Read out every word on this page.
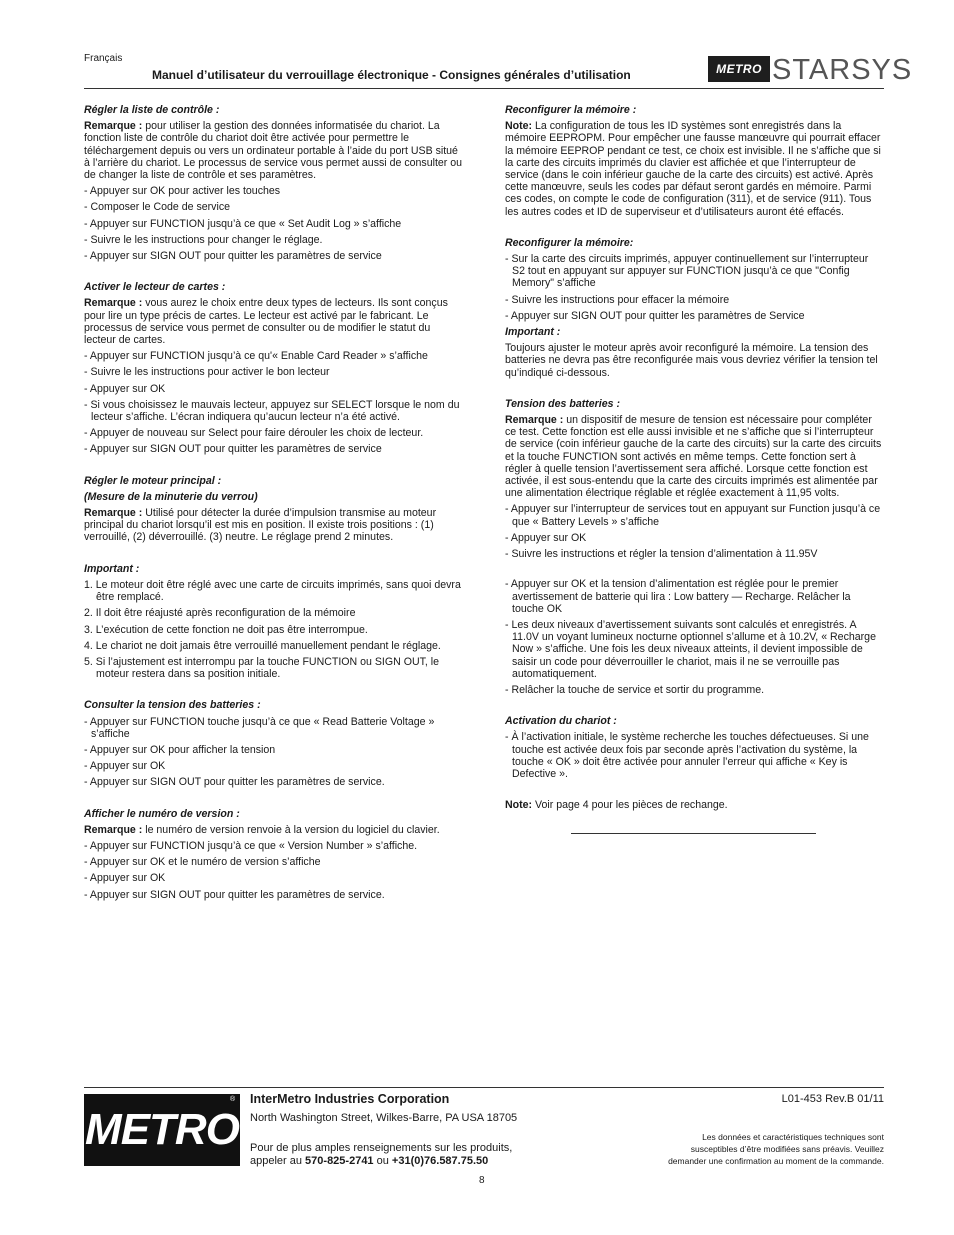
Français
Manuel d’utilisateur du verrouillage électronique - Consignes générales d’utilisation	METRO STARSYS
Régler la liste de contrôle :

Remarque : pour utiliser la gestion des données informatisée du chariot. La fonction liste de contrôle du chariot doit être activée pour permettre le téléchargement depuis ou vers un ordinateur portable à l’aide du port USB situé à l’arrière du chariot. Le processus de service vous permet aussi de consulter ou de changer la liste de contrôle et ses paramètres.

- Appuyer sur OK pour activer les touches
- Composer le Code de service
- Appuyer sur FUNCTION jusqu’à ce que « Set Audit Log » s’affiche
- Suivre le les instructions pour changer le réglage.
- Appuyer sur SIGN OUT pour quitter les paramètres de service
Activer le lecteur de cartes :

Remarque : vous aurez le choix entre deux types de lecteurs. Ils sont conçus pour lire un type précis de cartes. Le lecteur est activé par le fabricant. Le processus de service vous permet de consulter ou de modifier le statut du lecteur de cartes.

- Appuyer sur FUNCTION jusqu’à ce qu'« Enable Card Reader » s’affiche
- Suivre le les instructions pour activer le bon lecteur
- Appuyer sur OK
- Si vous choisissez le mauvais lecteur, appuyez sur SELECT lorsque le nom du lecteur s’affiche. L’écran indiquera qu’aucun lecteur n’a été activé.
- Appuyer de nouveau sur Select pour faire dérouler les choix de lecteur.
- Appuyer sur SIGN OUT pour quitter les paramètres de service
Régler le moteur principal :
(Mesure de la minuterie du verrou)

Remarque : Utilisé pour détecter la durée d’impulsion transmise au moteur principal du chariot lorsqu’il est mis en position. Il existe trois positions : (1) verrouillé, (2) déverrouillé. (3) neutre. Le réglage prend 2 minutes.

Important :
1. Le moteur doit être réglé avec une carte de circuits imprimés, sans quoi devra être remplacé.
2. Il doit être réajusté après reconfiguration de la mémoire
3. L’exécution de cette fonction ne doit pas être interrompue.
4. Le chariot ne doit jamais être verrouillé manuellement pendant le réglage.
5. Si l’ajustement est interrompu par la touche FUNCTION ou SIGN OUT, le moteur restera dans sa position initiale.
Consulter la tension des batteries :
- Appuyer sur FUNCTION touche jusqu’à ce que « Read Batterie Voltage » s’affiche
- Appuyer sur OK pour afficher la tension
- Appuyer sur OK
- Appuyer sur SIGN OUT pour quitter les paramètres de service.
Afficher le numéro de version :

Remarque : le numéro de version renvoie à la version du logiciel du clavier.

- Appuyer sur FUNCTION jusqu’à ce que « Version Number » s’affiche.
- Appuyer sur OK et le numéro de version s’affiche
- Appuyer sur OK
- Appuyer sur SIGN OUT pour quitter les paramètres de service.
Reconfigurer la mémoire :

Note: La configuration de tous les ID systèmes sont enregistrés dans la mémoire EEPROPM. Pour empêcher une fausse manœuvre qui pourrait effacer la mémoire EEPROP pendant ce test, ce choix est invisible. Il ne s’affiche que si la carte des circuits imprimés du clavier est affichée et que l’interrupteur de service (dans le coin inférieur gauche de la carte des circuits) est activé. Après cette manœuvre, seuls les codes par défaut seront gardés en mémoire. Parmi ces codes, on compte le code de configuration (311), et de service (911). Tous les autres codes et ID de superviseur et d’utilisateurs auront été effacés.

Reconfigurer la mémoire:
- Sur la carte des circuits imprimés, appuyer continuellement sur l’interrupteur S2 tout en appuyant sur appuyer sur FUNCTION jusqu’à ce que "Config Memory" s’affiche
- Suivre les instructions pour effacer la mémoire
- Appuyer sur SIGN OUT pour quitter les paramètres de Service
Important :

Toujours ajuster le moteur après avoir reconfiguré la mémoire. La tension des batteries ne devra pas être reconfigurée mais vous devriez vérifier la tension tel qu’indiqué ci-dessous.

Tension des batteries :

Remarque : un dispositif de mesure de tension est nécessaire pour compléter ce test. Cette fonction est elle aussi invisible et ne s’affiche que si l’interrupteur de service (coin inférieur gauche de la carte des circuits) sur la carte des circuits et la touche FUNCTION sont activés en même temps. Cette fonction sert à régler à quelle tension l’avertissement sera affiché. Lorsque cette fonction est activée, il est sous-entendu que la carte des circuits imprimés est alimentée par une alimentation électrique réglable et réglée exactement à 11,95 volts.

- Appuyer sur l’interrupteur de services tout en appuyant sur Function jusqu’à ce que « Battery Levels » s’affiche
- Appuyer sur OK
- Suivre les instructions et régler la tension d’alimentation à 11.95V
- Appuyer sur OK et la tension d’alimentation est réglée pour le premier avertissement de batterie qui lira : Low battery — Recharge. Relâcher la touche OK
- Les deux niveaux d’avertissement suivants sont calculés et enregistrés. A 11.0V un voyant lumineux nocturne optionnel s’allume et à 10.2V, « Recharge Now » s’affiche. Une fois les deux niveaux atteints, il devient impossible de saisir un code pour déverrouiller le chariot, mais il ne se verrouille pas automatiquement.
- Relâcher la touche de service et sortir du programme.
Activation du chariot :
- À l’activation initiale, le système recherche les touches défectueuses. Si une touche est activée deux fois par seconde après l’activation du système, la touche « OK » doit être activée pour annuler l’erreur qui affiche « Key is Defective ».

Note: Voir page 4 pour les pièces de rechange.

METRO
® InterMetro Industries Corporation
North Washington Street, Wilkes-Barre, PA USA 18705
Pour de plus amples renseignements sur les produits,
appeler au 570-825-2741 ou +31(0)76.587.75.50
L01-453 Rev.B 01/11
Les données et caractéristiques techniques sont
susceptibles d’être modifiées sans préavis. Veuillez
demander une confirmation au moment de la commande.
8
